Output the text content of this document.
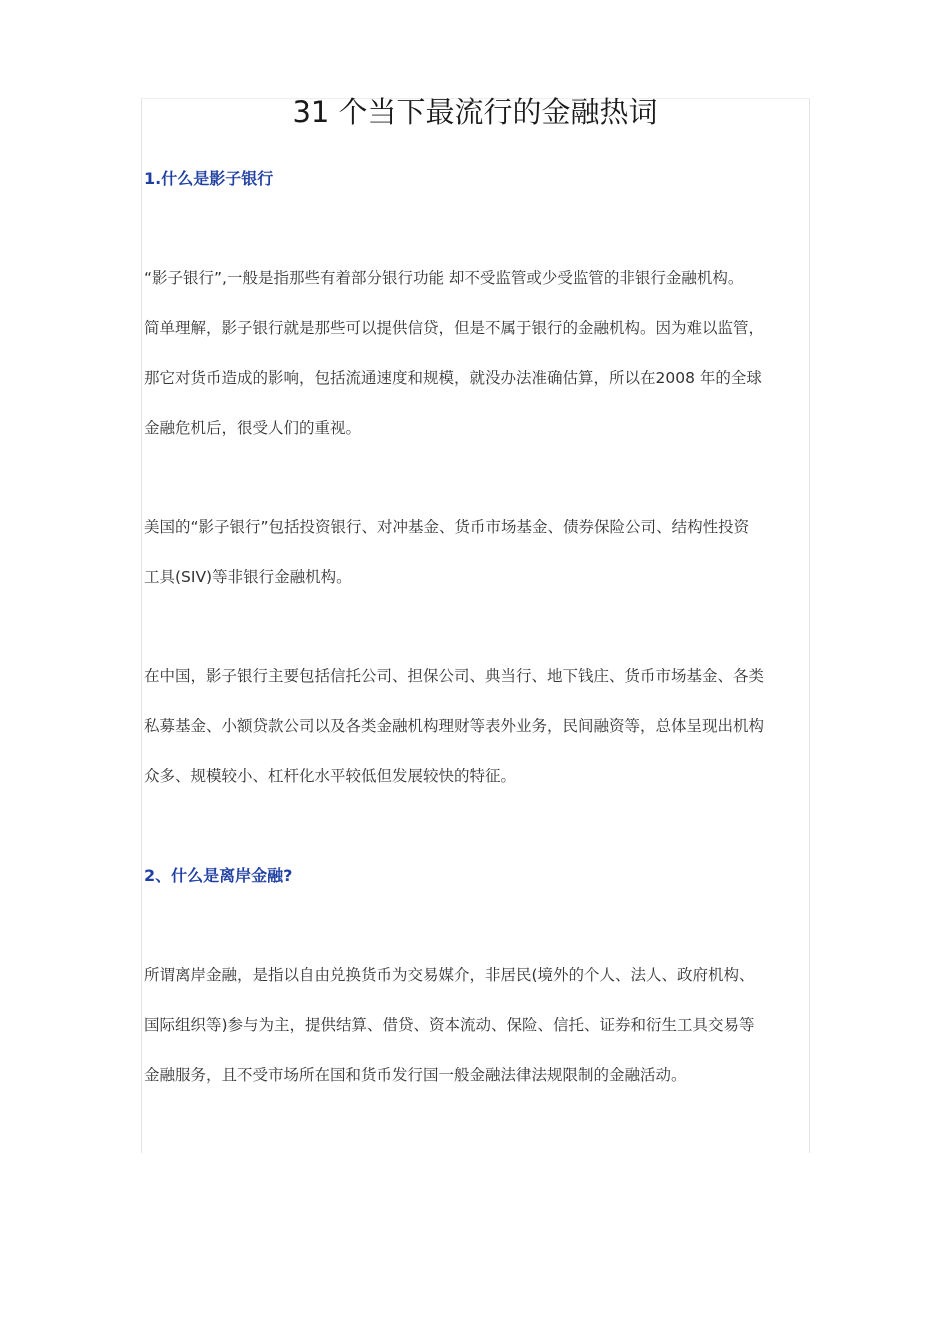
31 个当下最流行的金融热词
1.什么是影子银行

“影子银行”,一般是指那些有着部分银行功能 却不受监管或少受监管的非银行金融机构。
简单理解，影子银行就是那些可以提供信贷，但是不属于银行的金融机构。因为难以监管，
那它对货币造成的影响，包括流通速度和规模，就没办法准确估算，所以在2008 年的全球
金融危机后，很受人们的重视。

美国的“影子银行”包括投资银行、对冲基金、货币市场基金、债券保险公司、结构性投资
工具(SIV)等非银行金融机构。

在中国，影子银行主要包括信托公司、担保公司、典当行、地下钱庄、货币市场基金、各类
私募基金、小额贷款公司以及各类金融机构理财等表外业务，民间融资等，总体呈现出机构
众多、规模较小、杠杆化水平较低但发展较快的特征。

2、什么是离岸金融?

所谓离岸金融，是指以自由兑换货币为交易媒介，非居民(境外的个人、法人、政府机构、
国际组织等)参与为主，提供结算、借贷、资本流动、保险、信托、证券和衍生工具交易等
金融服务，且不受市场所在国和货币发行国一般金融法律法规限制的金融活动。
